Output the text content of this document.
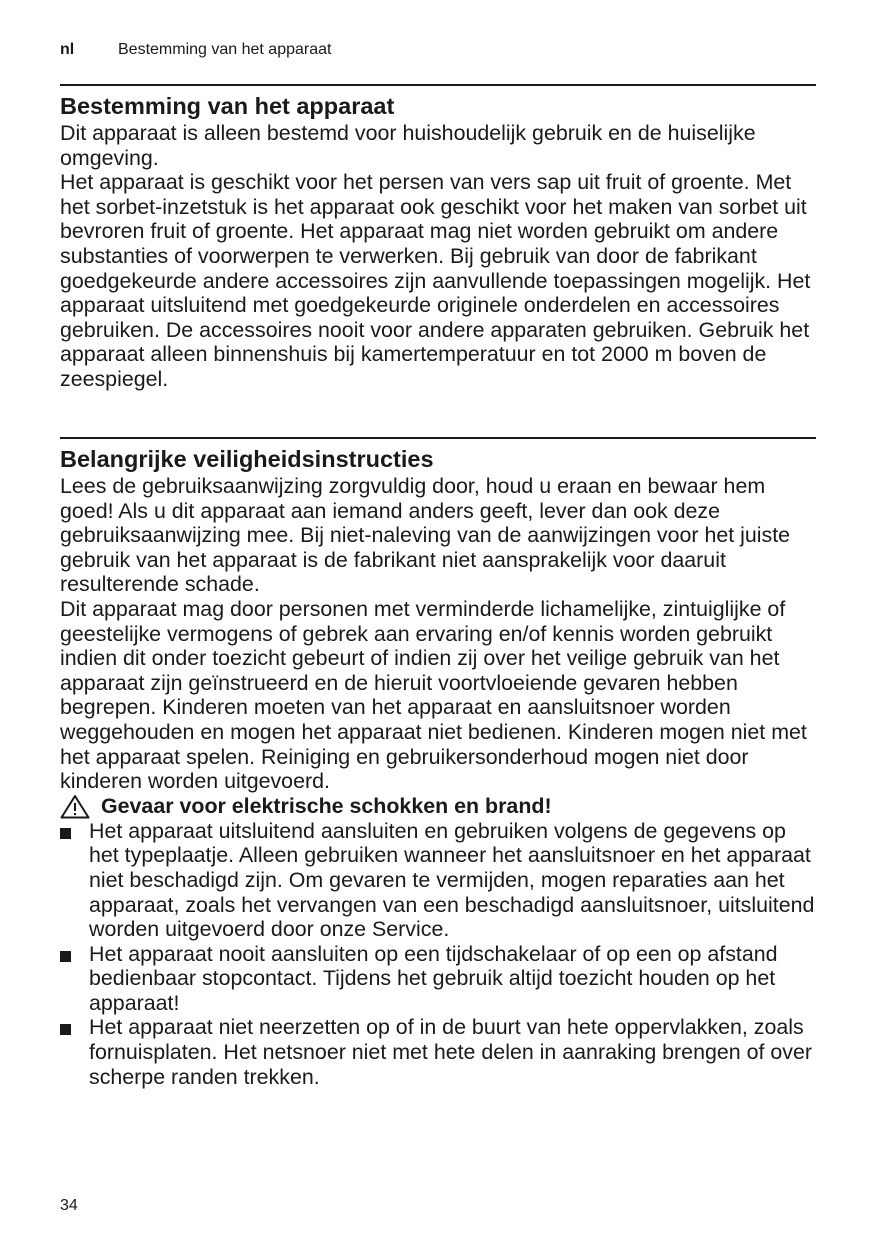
nl	Bestemming van het apparaat
Bestemming van het apparaat

Dit apparaat is alleen bestemd voor huishoudelijk gebruik en de huiselijke omgeving.

Het apparaat is geschikt voor het persen van vers sap uit fruit of groente. Met het sorbet-inzetstuk is het apparaat ook geschikt voor het maken van sorbet uit bevroren fruit of groente. Het apparaat mag niet worden gebruikt om andere substanties of voorwerpen te verwerken. Bij gebruik van door de fabrikant goedgekeurde andere accessoires zijn aanvullende toepassingen mogelijk. Het apparaat uitsluitend met goedgekeurde originele onderdelen en accessoires gebruiken. De accessoires nooit voor andere apparaten gebruiken. Gebruik het apparaat alleen binnenshuis bij kamertemperatuur en tot 2000 m boven de zeespiegel.

Belangrijke veiligheidsinstructies

Lees de gebruiksaanwijzing zorgvuldig door, houd u eraan en bewaar hem goed! Als u dit apparaat aan iemand anders geeft, lever dan ook deze gebruiksaanwijzing mee. Bij niet-naleving van de aanwijzingen voor het juiste gebruik van het apparaat is de fabrikant niet aansprakelijk voor daaruit resulterende schade.

Dit apparaat mag door personen met verminderde lichamelijke, zintuiglijke of geestelijke vermogens of gebrek aan ervaring en/of kennis worden gebruikt indien dit onder toezicht gebeurt of indien zij over het veilige gebruik van het apparaat zijn geïnstrueerd en de hieruit voortvloeiende gevaren hebben begrepen. Kinderen moeten van het apparaat en aansluitsnoer worden weggehouden en mogen het apparaat niet bedienen. Kinderen mogen niet met het apparaat spelen. Reiniging en gebruikersonderhoud mogen niet door kinderen worden uitgevoerd.

Gevaar voor elektrische schokken en brand!
Het apparaat uitsluitend aansluiten en gebruiken volgens de gegevens op het typeplaatje. Alleen gebruiken wanneer het aansluitsnoer en het apparaat niet beschadigd zijn. Om gevaren te vermijden, mogen reparaties aan het apparaat, zoals het vervangen van een beschadigd aansluitsnoer, uitsluitend worden uitgevoerd door onze Service.
Het apparaat nooit aansluiten op een tijdschakelaar of op een op afstand bedienbaar stopcontact. Tijdens het gebruik altijd toezicht houden op het apparaat!
Het apparaat niet neerzetten op of in de buurt van hete oppervlakken, zoals fornuisplaten. Het netsnoer niet met hete delen in aanraking brengen of over scherpe randen trekken.
34
